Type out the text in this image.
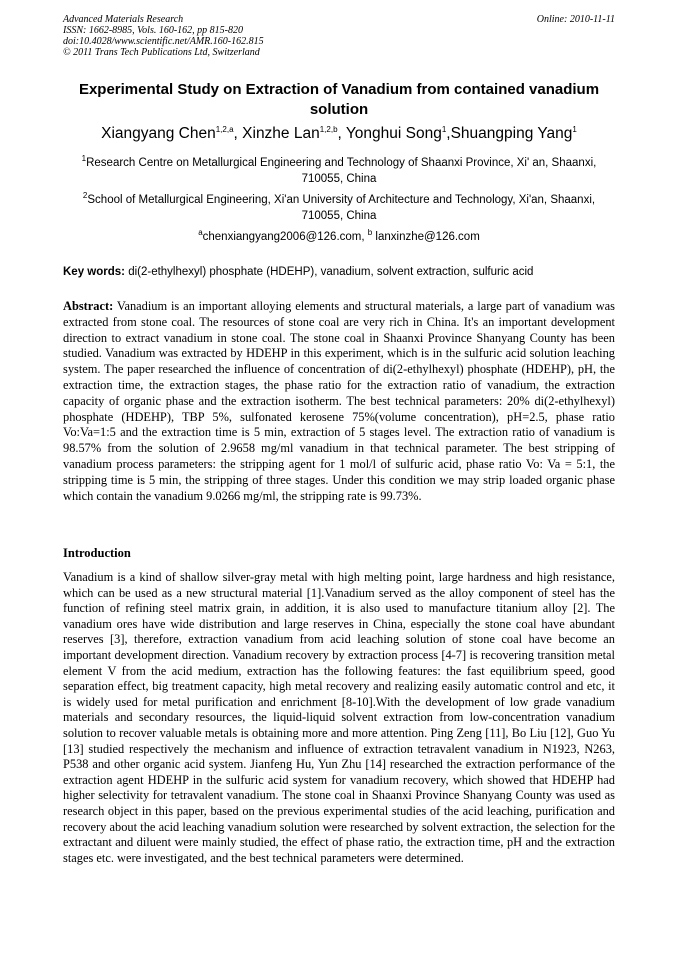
Advanced Materials Research
ISSN: 1662-8985, Vols. 160-162, pp 815-820
doi:10.4028/www.scientific.net/AMR.160-162.815
© 2011 Trans Tech Publications Ltd, Switzerland
Online: 2010-11-11
Experimental Study on Extraction of Vanadium from contained vanadium solution
Xiangyang Chen$^{1,2,a}$, Xinzhe Lan$^{1,2,b}$, Yonghui Song$^1$,Shuangping Yang$^1$
$^1$Research Centre on Metallurgical Engineering and Technology of Shaanxi Province, Xi' an, Shaanxi, 710055, China
$^2$School of Metallurgical Engineering, Xi'an University of Architecture and Technology, Xi'an, Shaanxi, 710055, China
$^a$chenxiangyang2006@126.com, $^b$ lanxinzhe@126.com
Key words: di(2-ethylhexyl) phosphate (HDEHP), vanadium, solvent extraction, sulfuric acid
Abstract: Vanadium is an important alloying elements and structural materials, a large part of vanadium was extracted from stone coal. The resources of stone coal are very rich in China. It's an important development direction to extract vanadium in stone coal. The stone coal in Shaanxi Province Shanyang County has been studied. Vanadium was extracted by HDEHP in this experiment, which is in the sulfuric acid solution leaching system. The paper researched the influence of concentration of di(2-ethylhexyl) phosphate (HDEHP), pH, the extraction time, the extraction stages, the phase ratio for the extraction ratio of vanadium, the extraction capacity of organic phase and the extraction isotherm. The best technical parameters: 20% di(2-ethylhexyl) phosphate (HDEHP), TBP 5%, sulfonated kerosene 75%(volume concentration), pH=2.5, phase ratio Vo:Va=1:5 and the extraction time is 5 min, extraction of 5 stages level. The extraction ratio of vanadium is 98.57% from the solution of 2.9658 mg/ml vanadium in that technical parameter. The best stripping of vanadium process parameters: the stripping agent for 1 mol/l of sulfuric acid, phase ratio Vo: Va = 5:1, the stripping time is 5 min, the stripping of three stages. Under this condition we may strip loaded organic phase which contain the vanadium 9.0266 mg/ml, the stripping rate is 99.73%.
Introduction
Vanadium is a kind of shallow silver-gray metal with high melting point, large hardness and high resistance, which can be used as a new structural material [1].Vanadium served as the alloy component of steel has the function of refining steel matrix grain, in addition, it is also used to manufacture titanium alloy [2]. The vanadium ores have wide distribution and large reserves in China, especially the stone coal have abundant reserves [3], therefore, extraction vanadium from acid leaching solution of stone coal have become an important development direction. Vanadium recovery by extraction process [4-7] is recovering transition metal element V from the acid medium, extraction has the following features: the fast equilibrium speed, good separation effect, big treatment capacity, high metal recovery and realizing easily automatic control and etc, it is widely used for metal purification and enrichment [8-10].With the development of low grade vanadium materials and secondary resources, the liquid-liquid solvent extraction from low-concentration vanadium solution to recover valuable metals is obtaining more and more attention. Ping Zeng [11], Bo Liu [12], Guo Yu [13] studied respectively the mechanism and influence of extraction tetravalent vanadium in N1923, N263, P538 and other organic acid system. Jianfeng Hu, Yun Zhu [14] researched the extraction performance of the extraction agent HDEHP in the sulfuric acid system for vanadium recovery, which showed that HDEHP had higher selectivity for tetravalent vanadium. The stone coal in Shaanxi Province Shanyang County was used as research object in this paper, based on the previous experimental studies of the acid leaching, purification and recovery about the acid leaching vanadium solution were researched by solvent extraction, the selection for the extractant and diluent were mainly studied, the effect of phase ratio, the extraction time, pH and the extraction stages etc. were investigated, and the best technical parameters were determined.
